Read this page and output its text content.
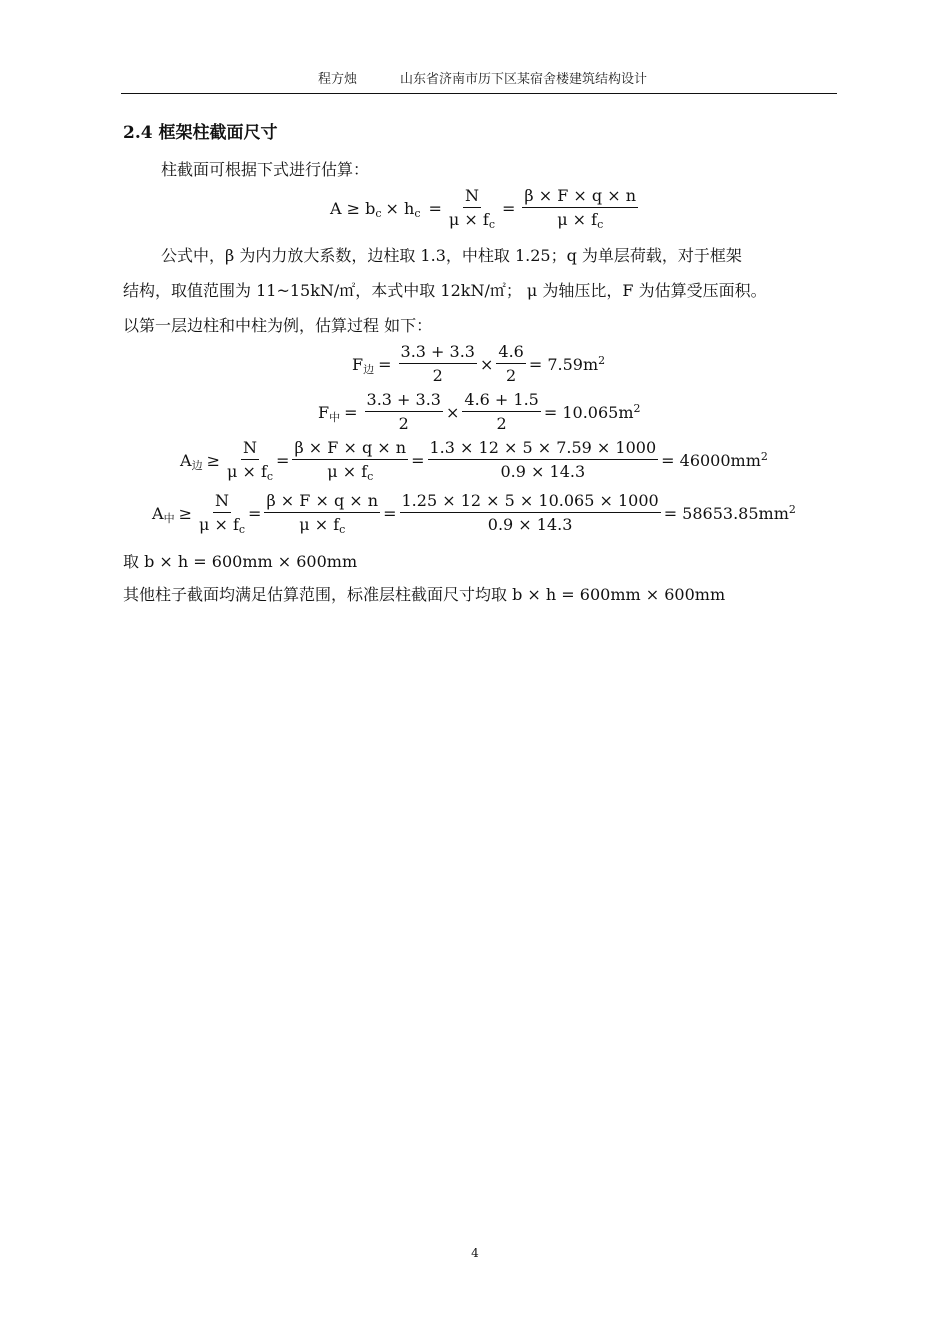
程方烛	山东省济南市历下区某宿舍楼建筑结构设计
2.4 框架柱截面尺寸
柱截面可根据下式进行估算：
$A \ge b_c \times h_c = \frac{N}{\mu \times f_c} = \frac{\beta \times F \times q \times n}{\mu \times f_c}$
公式中，β 为内力放大系数，边柱取 1.3，中柱取 1.25；q 为单层荷载，对于框架
结构，取值范围为 11~15kN/㎡，本式中取 12kN/㎡； μ 为轴压比，F 为估算受压面积。
以第一层边柱和中柱为例，估算过程 如下：
$F_边 = \frac{3.3 + 3.3}{2} \times \frac{4.6}{2} = 7.59m^2$
$F_中 = \frac{3.3 + 3.3}{2} \times \frac{4.6 + 1.5}{2} = 10.065m^2$
$A_边 \ge \frac{N}{\mu \times f_c} = \frac{\beta \times F \times q \times n}{\mu \times f_c} = \frac{1.3 \times 12 \times 5 \times 7.59 \times 1000}{0.9 \times 14.3} = 46000mm^2$
$A_中 \ge \frac{N}{\mu \times f_c} = \frac{\beta \times F \times q \times n}{\mu \times f_c} = \frac{1.25 \times 12 \times 5 \times 10.065 \times 1000}{0.9 \times 14.3} = 58653.85mm^2$
取 b × h = 600mm × 600mm
其他柱子截面均满足估算范围，标准层柱截面尺寸均取 b × h = 600mm × 600mm
4
